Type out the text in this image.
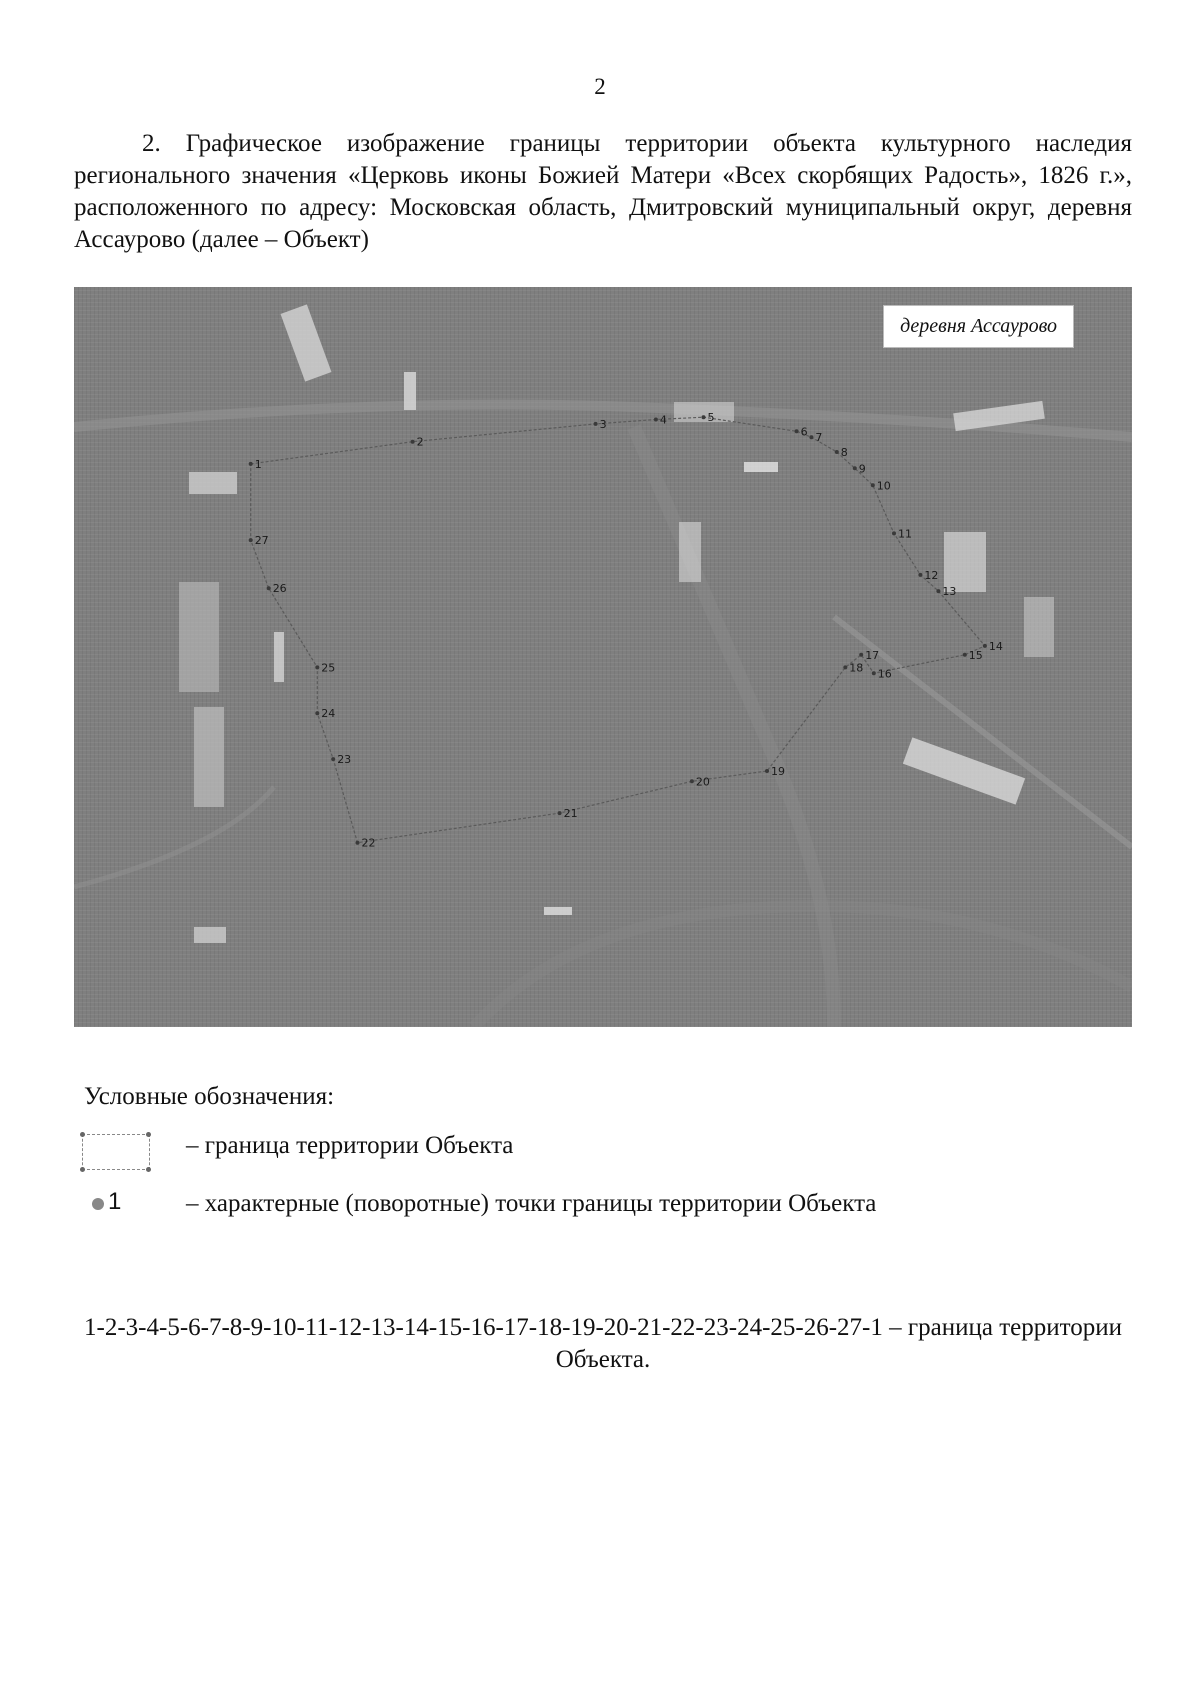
2
2. Графическое изображение границы территории объекта культурного наследия регионального значения «Церковь иконы Божией Матери «Всех скорбящих Радость», 1826 г.», расположенного по адресу: Московская область, Дмитровский муниципальный округ, деревня Ассаурово (далее – Объект)
1
2
3	4	5
6 7
8
9
10
11
12
13
14
15
16
17
18
19
20
21
22
23
24
25
26
27
деревня Ассаурово
Условные обозначения:
– граница территории Объекта
1	– характерные (поворотные) точки границы территории Объекта
1-2-3-4-5-6-7-8-9-10-11-12-13-14-15-16-17-18-19-20-21-22-23-24-25-26-27-1 – граница территории Объекта.
